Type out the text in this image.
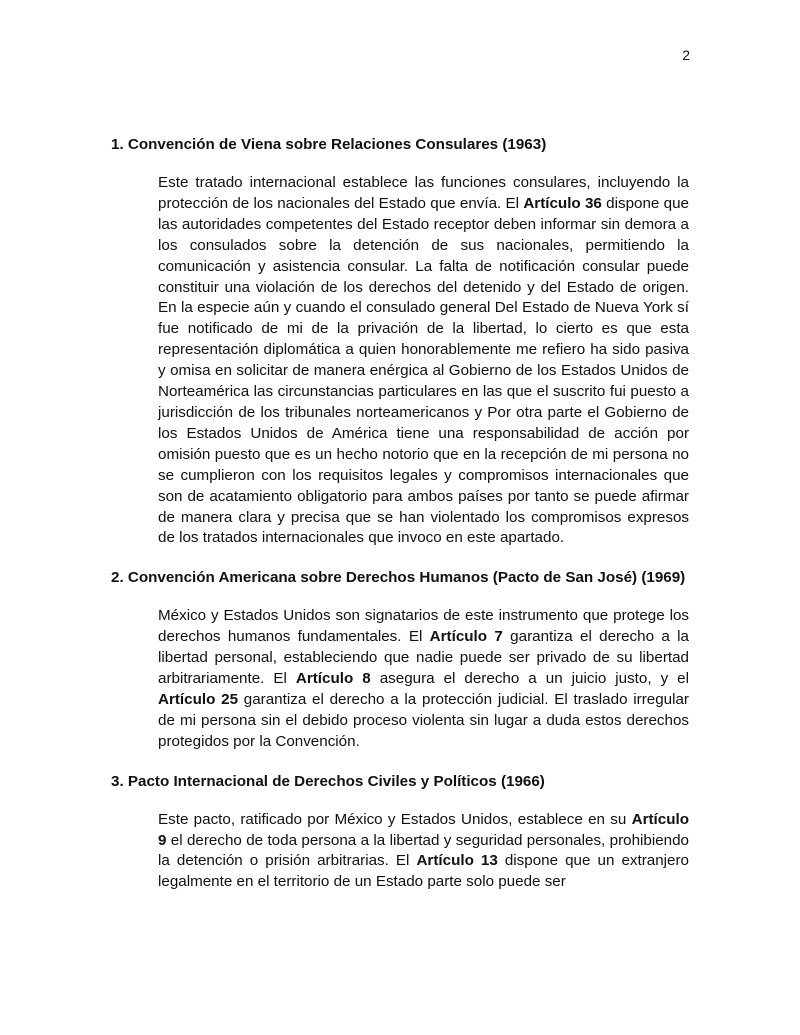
2
1. Convención de Viena sobre Relaciones Consulares (1963)

Este tratado internacional establece las funciones consulares, incluyendo la protección de los nacionales del Estado que envía. El Artículo 36 dispone que las autoridades competentes del Estado receptor deben informar sin demora a los consulados sobre la detención de sus nacionales, permitiendo la comunicación y asistencia consular. La falta de notificación consular puede constituir una violación de los derechos del detenido y del Estado de origen. En la especie aún y cuando el consulado general Del Estado de Nueva York sí fue notificado de mi de la privación de la libertad, lo cierto es que esta representación diplomática a quien honorablemente me refiero ha sido pasiva y omisa en solicitar de manera enérgica al Gobierno de los Estados Unidos de Norteamérica las circunstancias particulares en las que el suscrito fui puesto a jurisdicción de los tribunales norteamericanos y Por otra parte el Gobierno de los Estados Unidos de América tiene una responsabilidad de acción por omisión puesto que es un hecho notorio que en la recepción de mi persona no se cumplieron con los requisitos legales y compromisos internacionales que son de acatamiento obligatorio para ambos países por tanto se puede afirmar de manera clara y precisa que se han violentado los compromisos expresos de los tratados internacionales que invoco en este apartado.

2. Convención Americana sobre Derechos Humanos (Pacto de San José) (1969)

México y Estados Unidos son signatarios de este instrumento que protege los derechos humanos fundamentales. El Artículo 7 garantiza el derecho a la libertad personal, estableciendo que nadie puede ser privado de su libertad arbitrariamente. El Artículo 8 asegura el derecho a un juicio justo, y el Artículo 25 garantiza el derecho a la protección judicial. El traslado irregular de mi persona sin el debido proceso violenta sin lugar a duda estos derechos protegidos por la Convención.

3. Pacto Internacional de Derechos Civiles y Políticos (1966)

Este pacto, ratificado por México y Estados Unidos, establece en su Artículo 9 el derecho de toda persona a la libertad y seguridad personales, prohibiendo la detención o prisión arbitrarias. El Artículo 13 dispone que un extranjero legalmente en el territorio de un Estado parte solo puede ser
